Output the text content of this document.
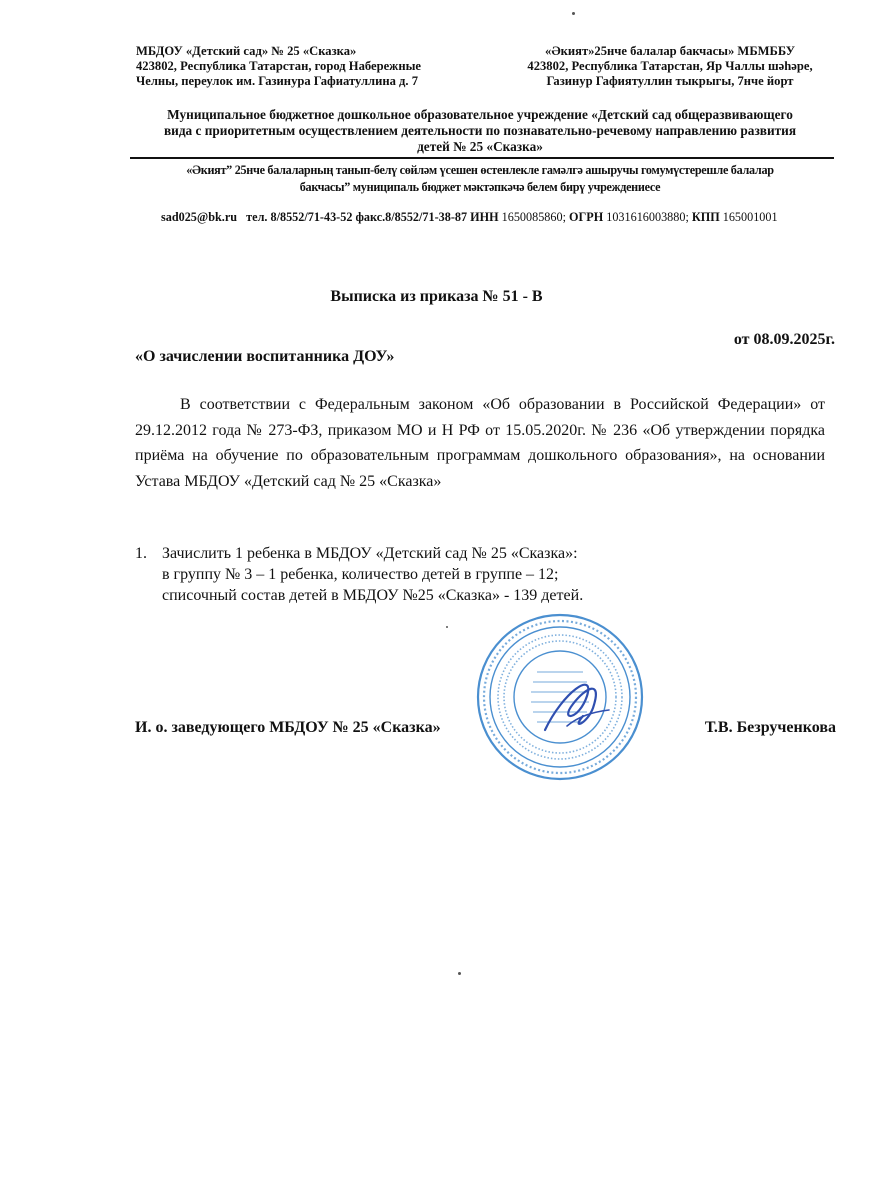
МБДОУ «Детский сад» № 25 «Сказка»
423802, Республика Татарстан, город Набережные
Челны, переулок им. Газинура Гафиатуллина д. 7
«Әкият»25нче балалар бакчасы» МБМББУ
423802, Республика Татарстан, Яр Чаллы шәһәре,
Газинур Гафиятуллин тыкрыгы, 7нче йорт
Муниципальное бюджетное дошкольное образовательное учреждение «Детский сад общеразвивающего
вида с приоритетным осуществлением деятельности по познавательно-речевому направлению развития
детей № 25 «Сказка»
«Әкият” 25нче балаларның танып-белү сөйләм үсешен өстенлекле гамәлгә ашыручы гомумүстерешле балалар
бакчасы” муниципаль бюджет мәктәпкәчә белем бирү учреждениесе
sad025@bk.ru тел. 8/8552/71-43-52 факс.8/8552/71-38-87 ИНН 1650085860; ОГРН 1031616003880; КПП 165001001
Выписка из приказа № 51 - В
от 08.09.2025г.
«О зачислении воспитанника ДОУ»
В соответствии с Федеральным законом «Об образовании в Российской Федерации» от 29.12.2012 года № 273-ФЗ, приказом МО и Н РФ от 15.05.2020г. № 236 «Об утверждении порядка приёма на обучение по образовательным программам дошкольного образования», на основании Устава МБДОУ «Детский сад № 25 «Сказка»
1. Зачислить 1 ребенка в МБДОУ «Детский сад № 25 «Сказка»:
в группу № 3 – 1 ребенка, количество детей в группе – 12;
списочный состав детей в МБДОУ №25 «Сказка» - 139 детей.
И. о. заведующего МБДОУ № 25 «Сказка»	Т.В. Безрученкова
